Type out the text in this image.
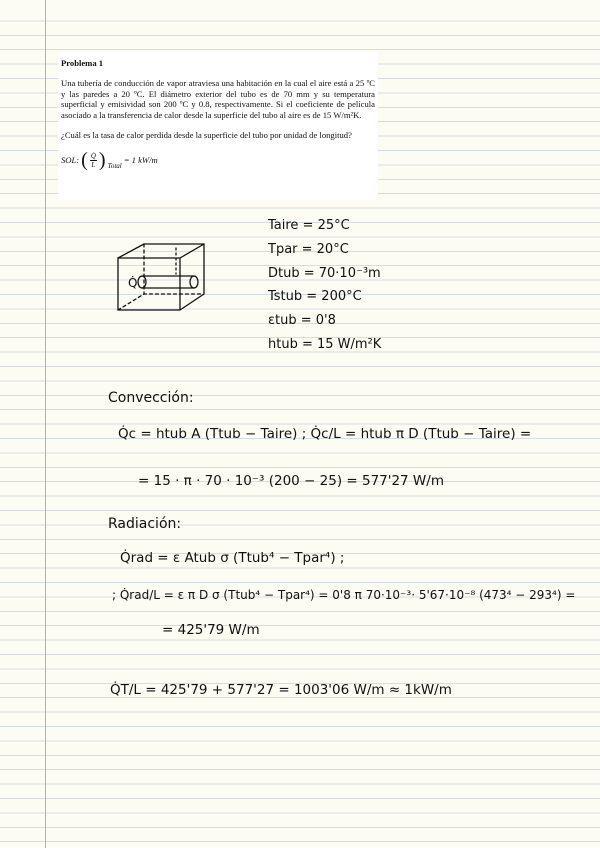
Problema 1

Una tubería de conducción de vapor atraviesa una habitación en la cual el aire está a 25 ºC y las paredes a 20 ºC. El diámetro exterior del tubo es de 70 mm y su temperatura superficial y emisividad son 200 ºC y 0.8, respectivamente. Si el coeficiente de película asociado a la transferencia de calor desde la superficie del tubo al aire es de 15 W/m²K.

¿Cuál es la tasa de calor perdida desde la superficie del tubo por unidad de longitud?

SOL: ( $\frac{Q̇}{L}$ ) Total
= 1 kW/m
Q̇
Taire = 25°C
Tpar = 20°C
Dtub = 70·10⁻³m
Tstub = 200°C
εtub = 0'8
htub = 15 W/m²K
Convección:
Q̇c = htub A (Ttub − Taire) ; Q̇c/L = htub π D (Ttub − Taire) =
= 15 · π · 70 · 10⁻³ (200 − 25) = 577'27 W/m
Radiación:
Q̇rad = ε Atub σ (Ttub⁴ − Tpar⁴) ;
; Q̇rad/L = ε π D σ (Ttub⁴ − Tpar⁴) = 0'8 π 70·10⁻³· 5'67·10⁻⁸ (473⁴ − 293⁴) =
= 425'79 W/m
Q̇T/L = 425'79 + 577'27 = 1003'06 W/m ≈ 1kW/m
